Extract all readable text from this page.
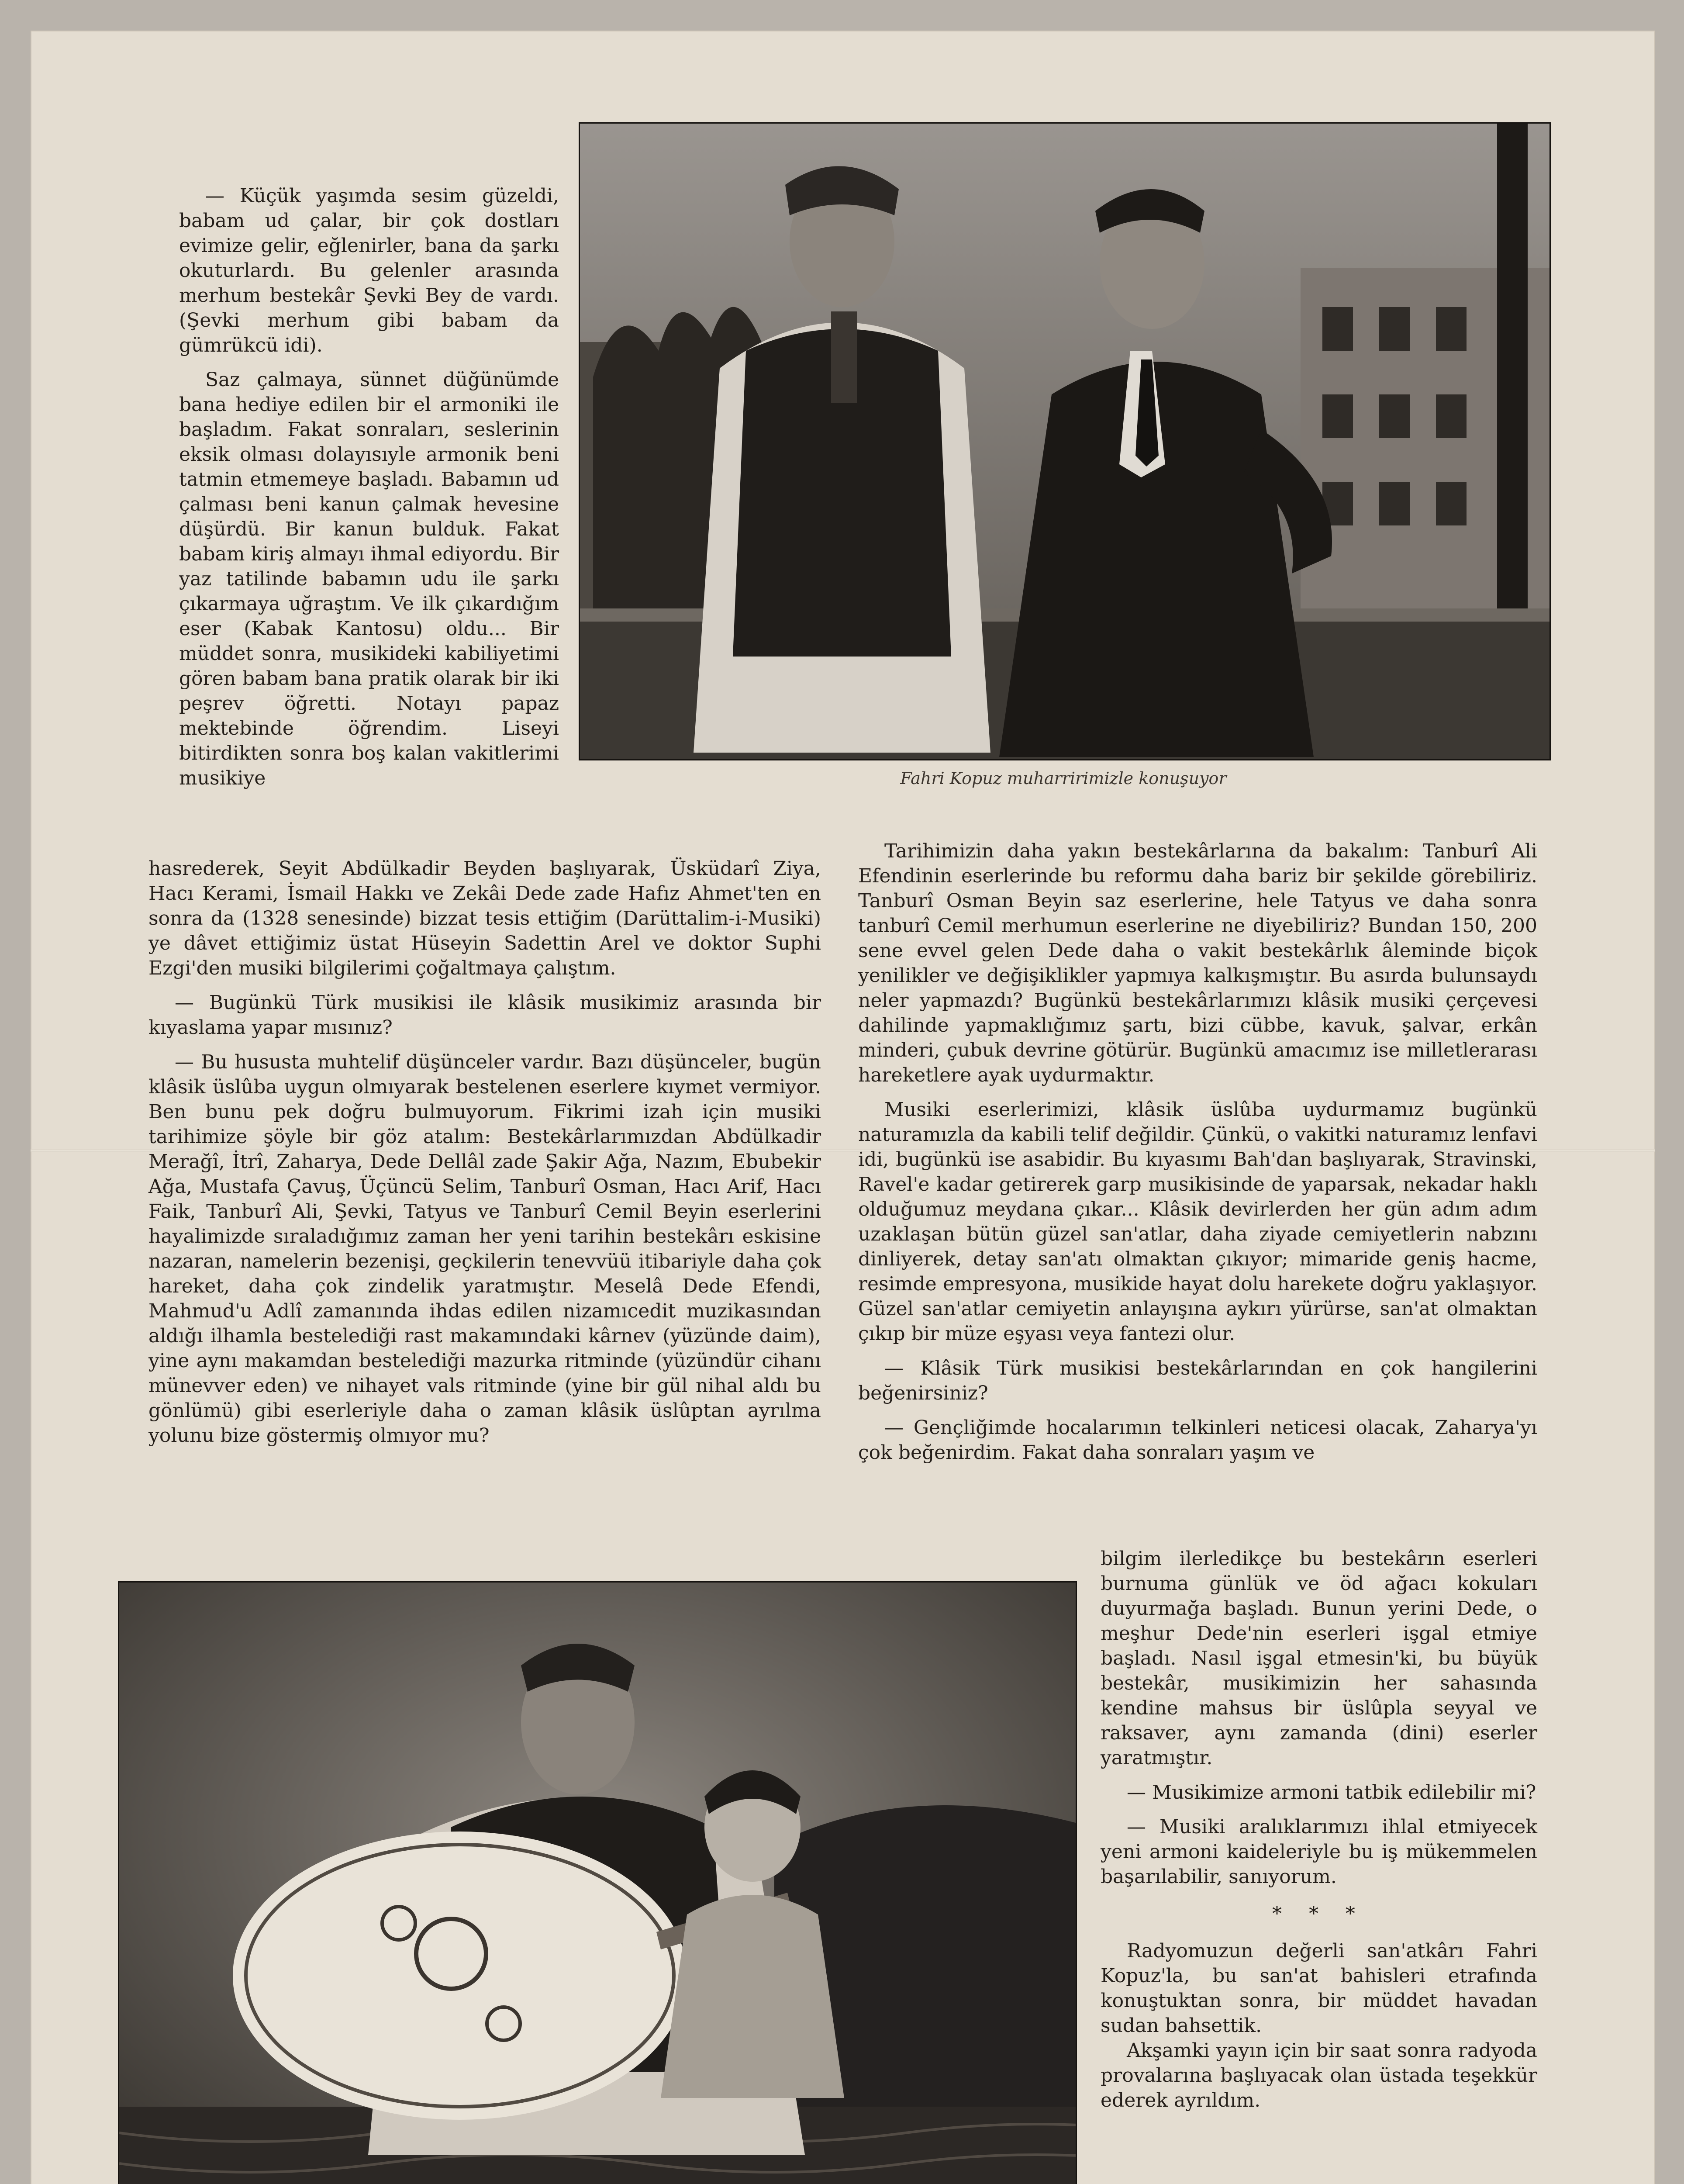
Fahri Kopuz muharririmizle konuşuyor

— Küçük yaşımda sesim güzeldi, babam ud çalar, bir çok dostları evimize gelir, eğlenirler, bana da şarkı okuturlardı. Bu gelenler arasında merhum bestekâr Şevki Bey de vardı. (Şevki merhum gibi babam da gümrükcü idi).

Saz çalmaya, sünnet düğünümde bana hediye edilen bir el armoniki ile başladım. Fakat sonraları, seslerinin eksik olması dolayısıyle armonik beni tatmin etmemeye başladı. Babamın ud çalması beni kanun çalmak hevesine düşürdü. Bir kanun bulduk. Fakat babam kiriş almayı ihmal ediyordu. Bir yaz tatilinde babamın udu ile şarkı çıkarmaya uğraştım. Ve ilk çıkardığım eser (Kabak Kantosu) oldu... Bir müddet sonra, musikideki kabiliyetimi gören babam bana pratik olarak bir iki peşrev öğretti. Notayı papaz mektebinde öğrendim. Liseyi bitirdikten sonra boş kalan vakitlerimi musikiye

hasrederek, Seyit Abdülkadir Beyden başlıyarak, Üsküdarî Ziya, Hacı Kerami, İsmail Hakkı ve Zekâi Dede zade Hafız Ahmet'ten en sonra da (1328 senesinde) bizzat tesis ettiğim (Darüttalim-i-Musiki) ye dâvet ettiğimiz üstat Hüseyin Sadettin Arel ve doktor Suphi Ezgi'den musiki bilgilerimi çoğaltmaya çalıştım.

— Bugünkü Türk musikisi ile klâsik musikimiz arasında bir kıyaslama yapar mısınız?

— Bu hususta muhtelif düşünceler vardır. Bazı düşünceler, bugün klâsik üslûba uygun olmıyarak bestelenen eserlere kıymet vermiyor. Ben bunu pek doğru bulmuyorum. Fikrimi izah için musiki tarihimize şöyle bir göz atalım: Bestekârlarımızdan Abdülkadir Merağî, İtrî, Zaharya, Dede Dellâl zade Şakir Ağa, Nazım, Ebubekir Ağa, Mustafa Çavuş, Üçüncü Selim, Tanburî Osman, Hacı Arif, Hacı Faik, Tanburî Ali, Şevki, Tatyus ve Tanburî Cemil Beyin eserlerini hayalimizde sıraladığımız zaman her yeni tarihin bestekârı eskisine nazaran, namelerin bezenişi, geçkilerin tenevvüü itibariyle daha çok hareket, daha çok zindelik yaratmıştır. Meselâ Dede Efendi, Mahmud'u Adlî zamanında ihdas edilen nizamıcedit muzikasından aldığı ilhamla bestelediği rast makamındaki kârnev (yüzünde daim), yine aynı makamdan bestelediği mazurka ritminde (yüzündür cihanı münevver eden) ve nihayet vals ritminde (yine bir gül nihal aldı bu gönlümü) gibi eserleriyle daha o zaman klâsik üslûptan ayrılma yolunu bize göstermiş olmıyor mu?

Tarihimizin daha yakın bestekârlarına da bakalım: Tanburî Ali Efendinin eserlerinde bu reformu daha bariz bir şekilde görebiliriz. Tanburî Osman Beyin saz eserlerine, hele Tatyus ve daha sonra tanburî Cemil merhumun eserlerine ne diyebiliriz? Bundan 150, 200 sene evvel gelen Dede daha o vakit bestekârlık âleminde biçok yenilikler ve değişiklikler yapmıya kalkışmıştır. Bu asırda bulunsaydı neler yapmazdı? Bugünkü bestekârlarımızı klâsik musiki çerçevesi dahilinde yapmaklığımız şartı, bizi cübbe, kavuk, şalvar, erkân minderi, çubuk devrine götürür. Bugünkü amacımız ise milletlerarası hareketlere ayak uydurmaktır.

Musiki eserlerimizi, klâsik üslûba uydurmamız bugünkü naturamızla da kabili telif değildir. Çünkü, o vakitki naturamız lenfavi idi, bugünkü ise asabidir. Bu kıyasımı Bah'dan başlıyarak, Stravinski, Ravel'e kadar getirerek garp musikisinde de yaparsak, nekadar haklı olduğumuz meydana çıkar... Klâsik devirlerden her gün adım adım uzaklaşan bütün güzel san'atlar, daha ziyade cemiyetlerin nabzını dinliyerek, detay san'atı olmaktan çıkıyor; mimaride geniş hacme, resimde empresyona, musikide hayat dolu harekete doğru yaklaşıyor. Güzel san'atlar cemiyetin anlayışına aykırı yürürse, san'at olmaktan çıkıp bir müze eşyası veya fantezi olur.

— Klâsik Türk musikisi bestekârlarından en çok hangilerini beğenirsiniz?

— Gençliğimde hocalarımın telkinleri neticesi olacak, Zaharya'yı çok beğenirdim. Fakat daha sonraları yaşım ve

bilgim ilerledikçe bu bestekârın eserleri burnuma günlük ve öd ağacı kokuları duyurmağa başladı. Bunun yerini Dede, o meşhur Dede'nin eserleri işgal etmiye başladı. Nasıl işgal etmesin'ki, bu büyük bestekâr, musikimizin her sahasında kendine mahsus bir üslûpla seyyal ve raksaver, aynı zamanda (dini) eserler yaratmıştır.

— Musikimize armoni tatbik edilebilir mi?

— Musiki aralıklarımızı ihlal etmiyecek yeni armoni kaideleriyle bu iş mükemmelen başarılabilir, sanıyorum.

* * *

Radyomuzun değerli san'atkârı Fahri Kopuz'la, bu san'at bahisleri etrafında konuştuktan sonra, bir müddet havadan sudan bahsettik.

Akşamki yayın için bir saat sonra radyoda provalarına başlıyacak olan üstada teşekkür ederek ayrıldım.
